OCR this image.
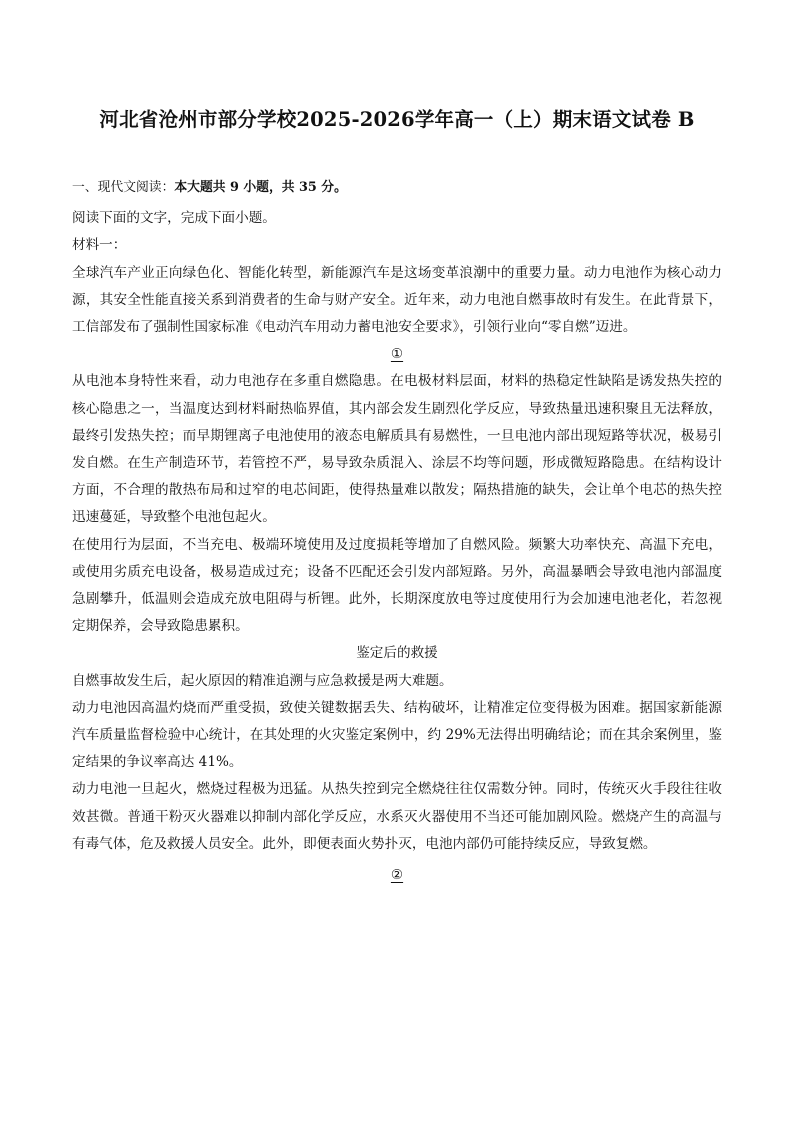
河北省沧州市部分学校2025-2026学年高一（上）期末语文试卷 B

一、现代文阅读：本大题共 9 小题，共 35 分。

阅读下面的文字，完成下面小题。

材料一：

全球汽车产业正向绿色化、智能化转型，新能源汽车是这场变革浪潮中的重要力量。动力电池作为核心动力源，其安全性能直接关系到消费者的生命与财产安全。近年来，动力电池自燃事故时有发生。在此背景下，工信部发布了强制性国家标准《电动汽车用动力蓄电池安全要求》，引领行业向“零自燃”迈进。

①

从电池本身特性来看，动力电池存在多重自燃隐患。在电极材料层面，材料的热稳定性缺陷是诱发热失控的核心隐患之一，当温度达到材料耐热临界值，其内部会发生剧烈化学反应，导致热量迅速积聚且无法释放，最终引发热失控；而早期锂离子电池使用的液态电解质具有易燃性，一旦电池内部出现短路等状况，极易引发自燃。在生产制造环节，若管控不严，易导致杂质混入、涂层不均等问题，形成微短路隐患。在结构设计方面，不合理的散热布局和过窄的电芯间距，使得热量难以散发；隔热措施的缺失，会让单个电芯的热失控迅速蔓延，导致整个电池包起火。

在使用行为层面，不当充电、极端环境使用及过度损耗等增加了自燃风险。频繁大功率快充、高温下充电，或使用劣质充电设备，极易造成过充；设备不匹配还会引发内部短路。另外，高温暴晒会导致电池内部温度急剧攀升，低温则会造成充放电阻碍与析锂。此外，长期深度放电等过度使用行为会加速电池老化，若忽视定期保养，会导致隐患累积。

鉴定后的救援

自燃事故发生后，起火原因的精准追溯与应急救援是两大难题。

动力电池因高温灼烧而严重受损，致使关键数据丢失、结构破坏，让精准定位变得极为困难。据国家新能源汽车质量监督检验中心统计，在其处理的火灾鉴定案例中，约 29%无法得出明确结论；而在其余案例里，鉴定结果的争议率高达 41%。

动力电池一旦起火，燃烧过程极为迅猛。从热失控到完全燃烧往往仅需数分钟。同时，传统灭火手段往往收效甚微。普通干粉灭火器难以抑制内部化学反应，水系灭火器使用不当还可能加剧风险。燃烧产生的高温与有毒气体，危及救援人员安全。此外，即便表面火势扑灭，电池内部仍可能持续反应，导致复燃。

②
